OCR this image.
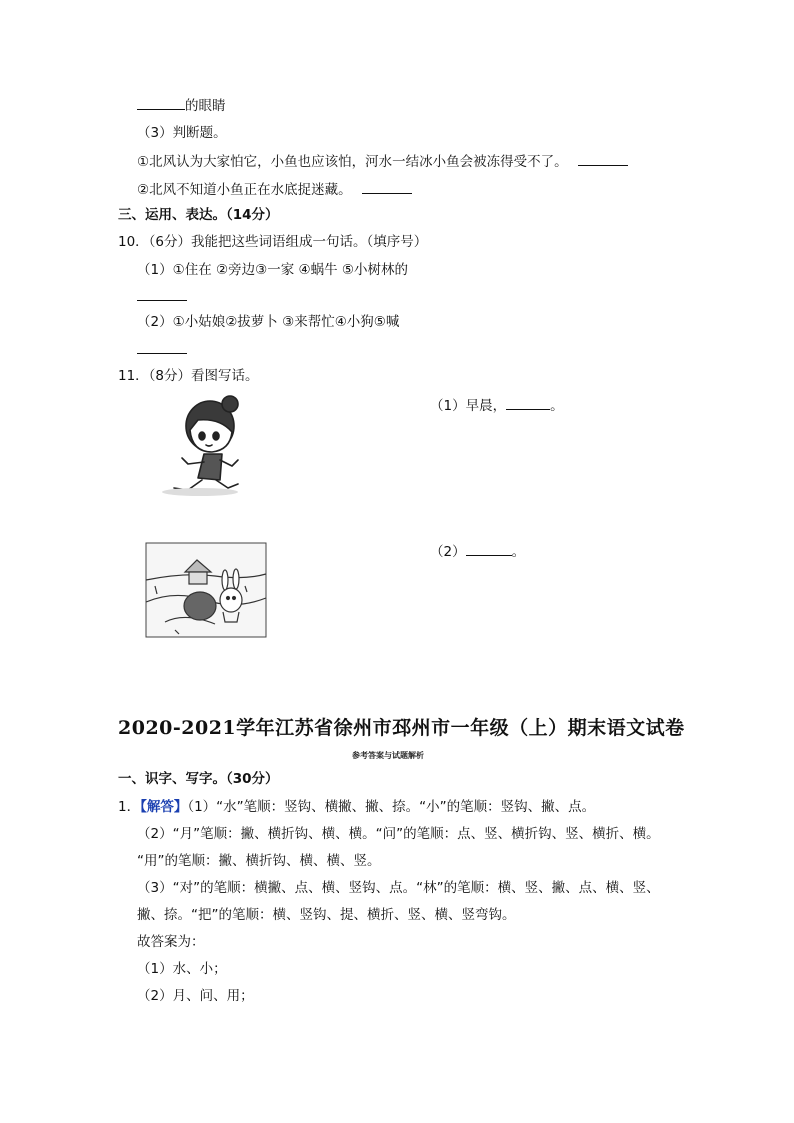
的眼睛
（3）判断题。
①北风认为大家怕它，小鱼也应该怕，河水一结冰小鱼会被冻得受不了。
②北风不知道小鱼正在水底捉迷藏。
三、运用、表达。（14分）
10．（6分）我能把这些词语组成一句话。（填序号）
（1）①住在 ②旁边③一家 ④蜗牛 ⑤小树林的
（2）①小姑娘②拔萝卜 ③来帮忙④小狗⑤喊
11．（8分）看图写话。
（1）早晨，	。
（2）	。
2020-2021学年江苏省徐州市邳州市一年级（上）期末语文试卷
参考答案与试题解析
一、识字、写字。（30分）
1．【解答】（1）“水”笔顺：竖钩、横撇、撇、捺。“小”的笔顺：竖钩、撇、点。
（2）“月”笔顺：撇、横折钩、横、横。“问”的笔顺：点、竖、横折钩、竖、横折、横。
“用”的笔顺：撇、横折钩、横、横、竖。
（3）“对”的笔顺：横撇、点、横、竖钩、点。“林”的笔顺：横、竖、撇、点、横、竖、
撇、捺。“把”的笔顺：横、竖钩、提、横折、竖、横、竖弯钩。
故答案为：
（1）水、小；
（2）月、问、用；
